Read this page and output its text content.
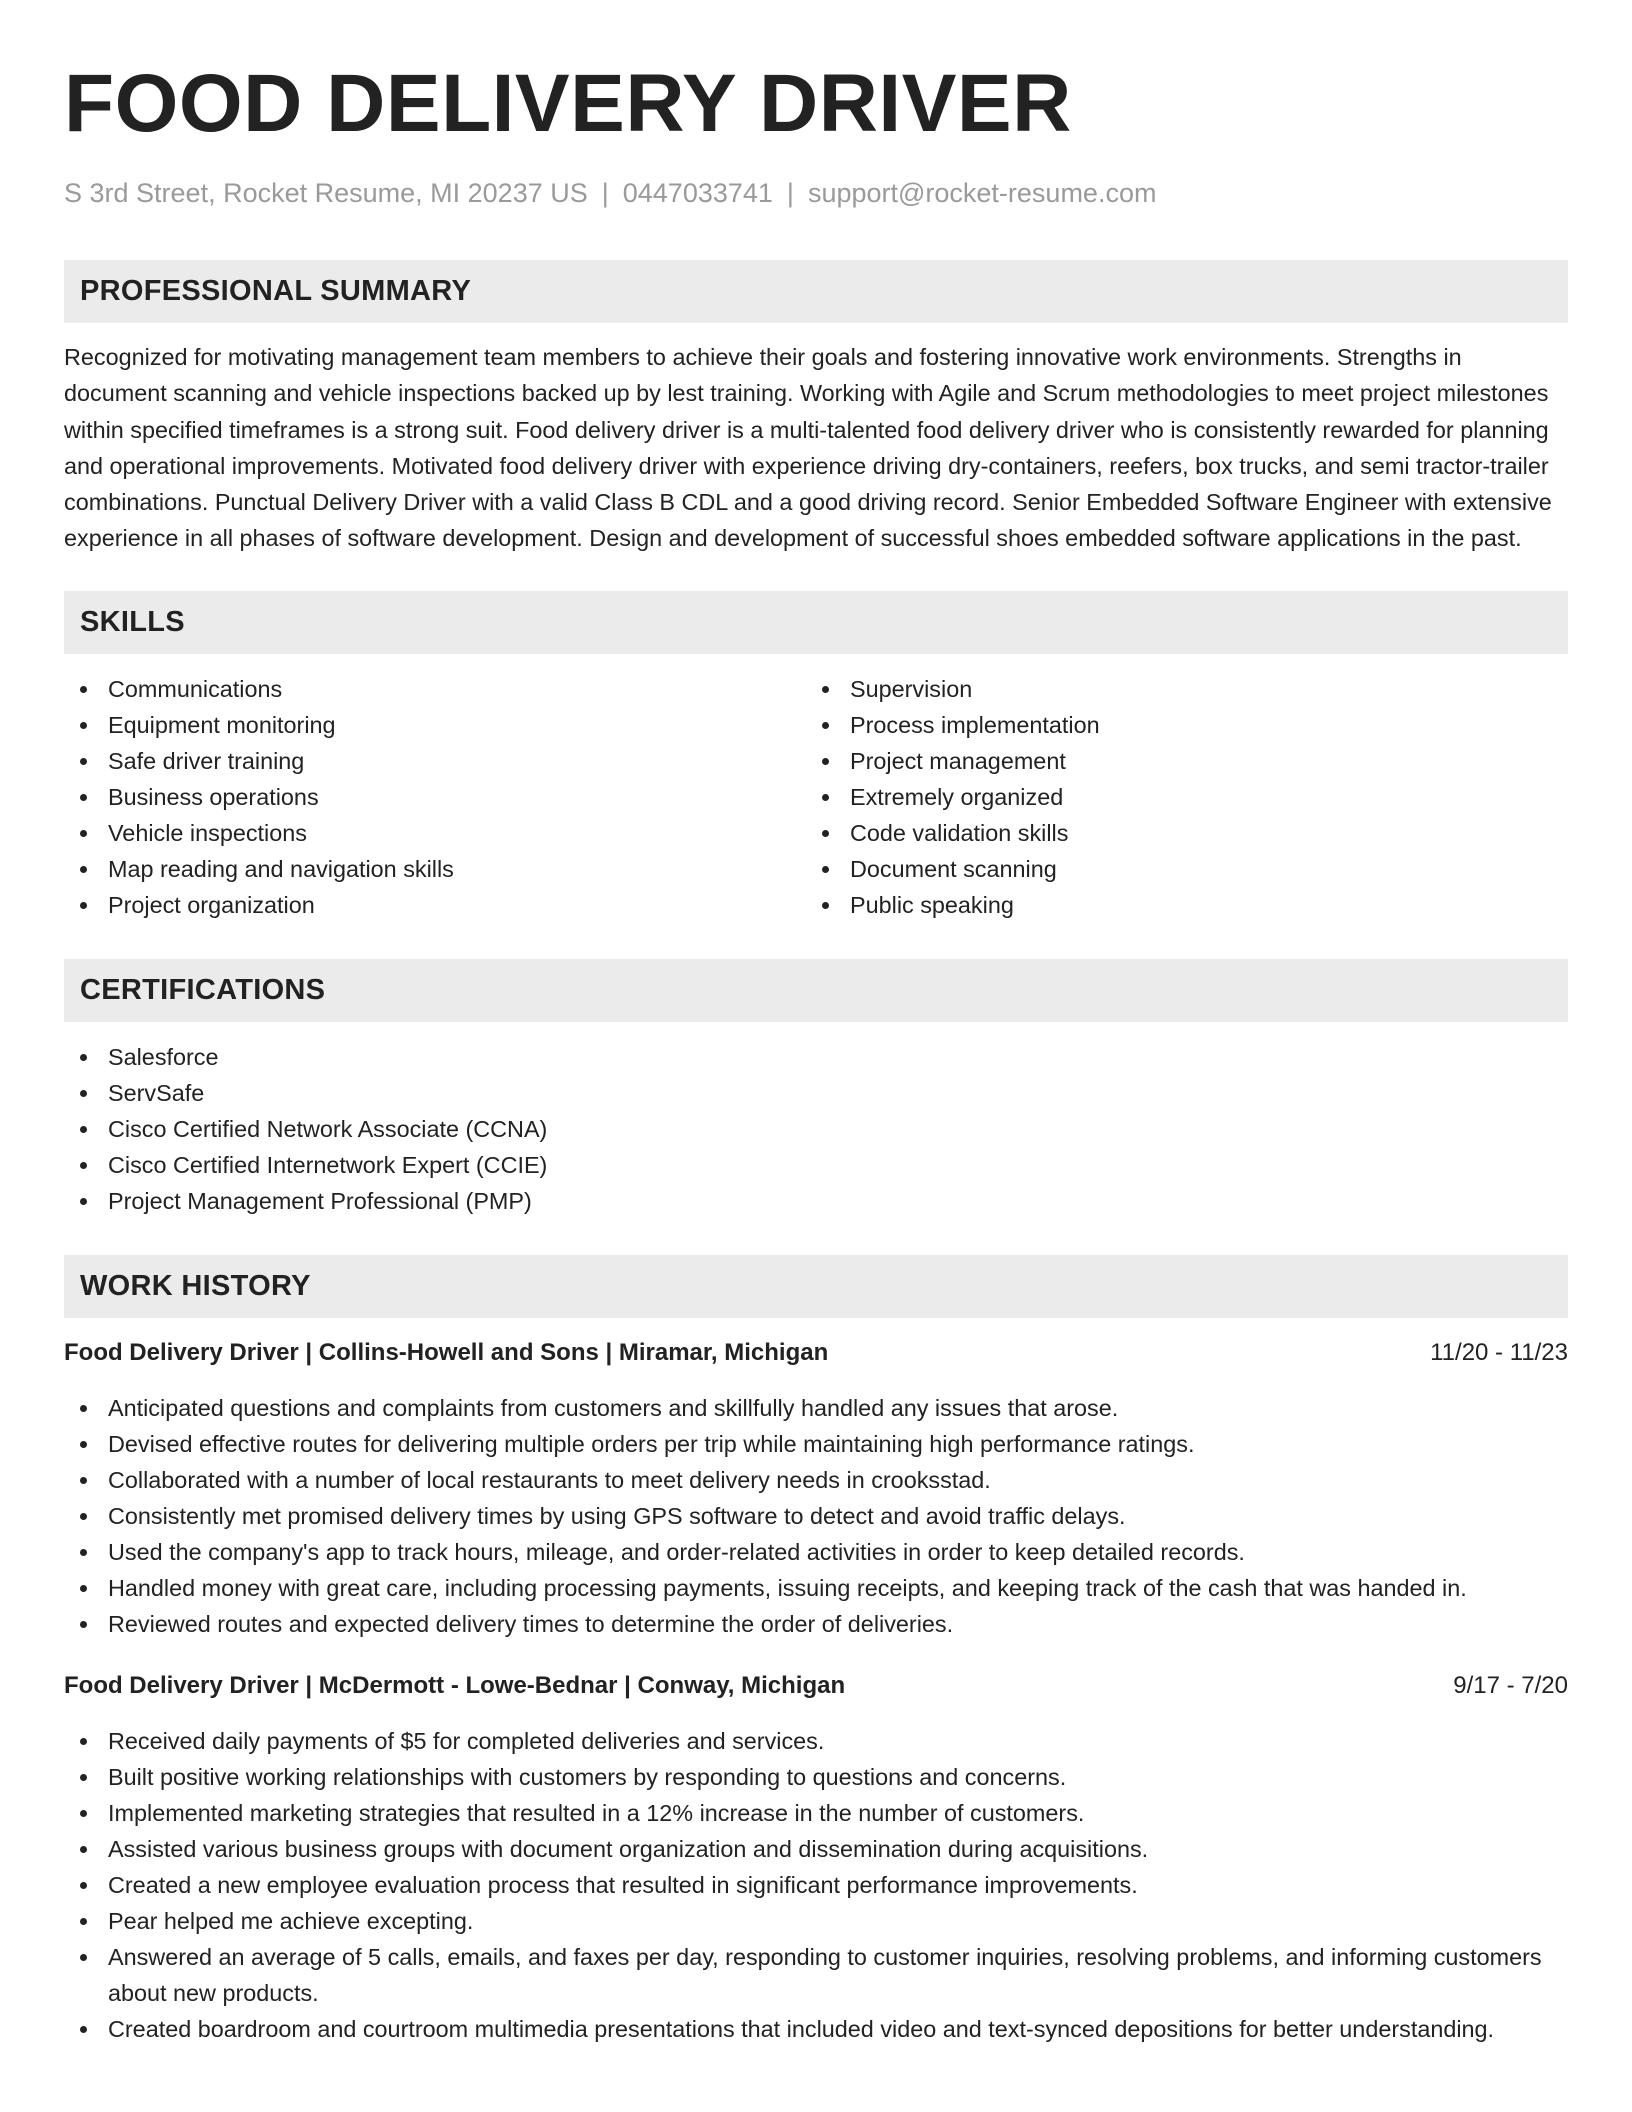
FOOD DELIVERY DRIVER
S 3rd Street, Rocket Resume, MI 20237 US | 0447033741 | support@rocket-resume.com
PROFESSIONAL SUMMARY

Recognized for motivating management team members to achieve their goals and fostering innovative work environments. Strengths in document scanning and vehicle inspections backed up by lest training. Working with Agile and Scrum methodologies to meet project milestones within specified timeframes is a strong suit. Food delivery driver is a multi-talented food delivery driver who is consistently rewarded for planning and operational improvements. Motivated food delivery driver with experience driving dry-containers, reefers, box trucks, and semi tractor-trailer combinations. Punctual Delivery Driver with a valid Class B CDL and a good driving record. Senior Embedded Software Engineer with extensive experience in all phases of software development. Design and development of successful shoes embedded software applications in the past.

SKILLS
Communications
Equipment monitoring
Safe driver training
Business operations
Vehicle inspections
Map reading and navigation skills
Project organization
Supervision
Process implementation
Project management
Extremely organized
Code validation skills
Document scanning
Public speaking
CERTIFICATIONS
Salesforce
ServSafe
Cisco Certified Network Associate (CCNA)
Cisco Certified Internetwork Expert (CCIE)
Project Management Professional (PMP)
WORK HISTORY
Food Delivery Driver | Collins-Howell and Sons | Miramar, Michigan	11/20 - 11/23
Anticipated questions and complaints from customers and skillfully handled any issues that arose.
Devised effective routes for delivering multiple orders per trip while maintaining high performance ratings.
Collaborated with a number of local restaurants to meet delivery needs in crooksstad.
Consistently met promised delivery times by using GPS software to detect and avoid traffic delays.
Used the company's app to track hours, mileage, and order-related activities in order to keep detailed records.
Handled money with great care, including processing payments, issuing receipts, and keeping track of the cash that was handed in.
Reviewed routes and expected delivery times to determine the order of deliveries.
Food Delivery Driver | McDermott - Lowe-Bednar | Conway, Michigan	9/17 - 7/20
Received daily payments of $5 for completed deliveries and services.
Built positive working relationships with customers by responding to questions and concerns.
Implemented marketing strategies that resulted in a 12% increase in the number of customers.
Assisted various business groups with document organization and dissemination during acquisitions.
Created a new employee evaluation process that resulted in significant performance improvements.
Pear helped me achieve excepting.
Answered an average of 5 calls, emails, and faxes per day, responding to customer inquiries, resolving problems, and informing customers about new products.
Created boardroom and courtroom multimedia presentations that included video and text-synced depositions for better understanding.
